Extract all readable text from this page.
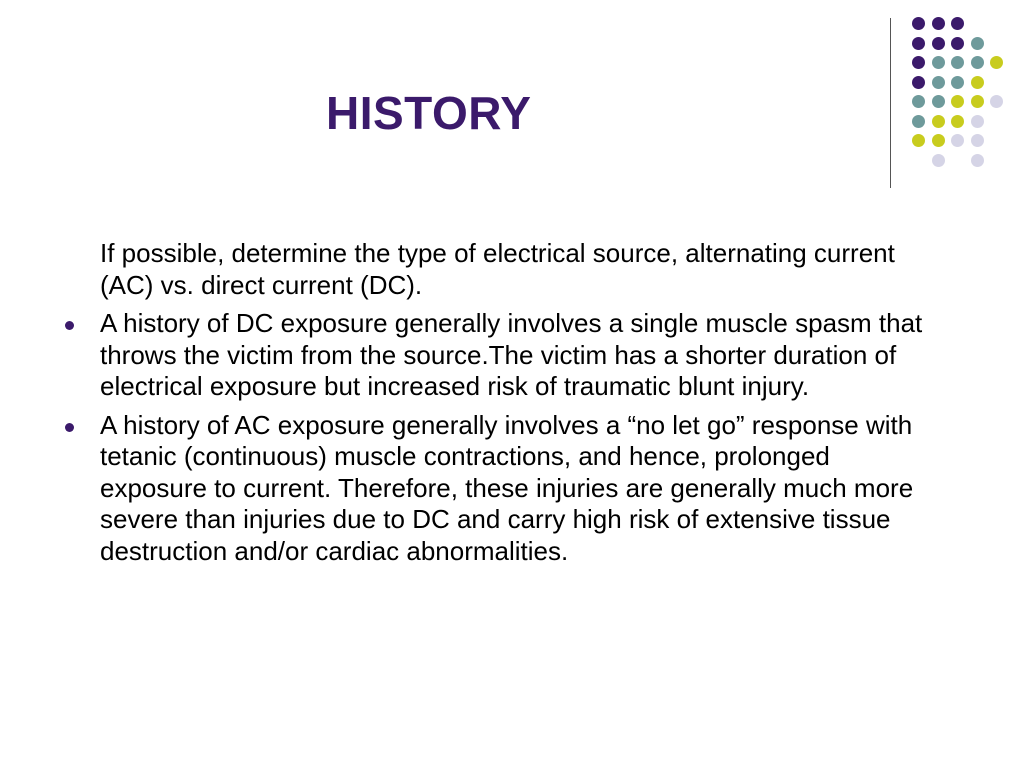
HISTORY
If possible, determine the type of electrical source, alternating current (AC) vs. direct current (DC).
A history of DC exposure generally involves a single muscle spasm that throws the victim from the source.The victim has a shorter duration of electrical exposure but increased risk of traumatic blunt injury.
A history of AC exposure generally involves a “no let go” response with tetanic (continuous) muscle contractions, and hence, prolonged exposure to current. Therefore, these injuries are generally much more severe than injuries due to DC and carry high risk of extensive tissue destruction and/or cardiac abnormalities.
